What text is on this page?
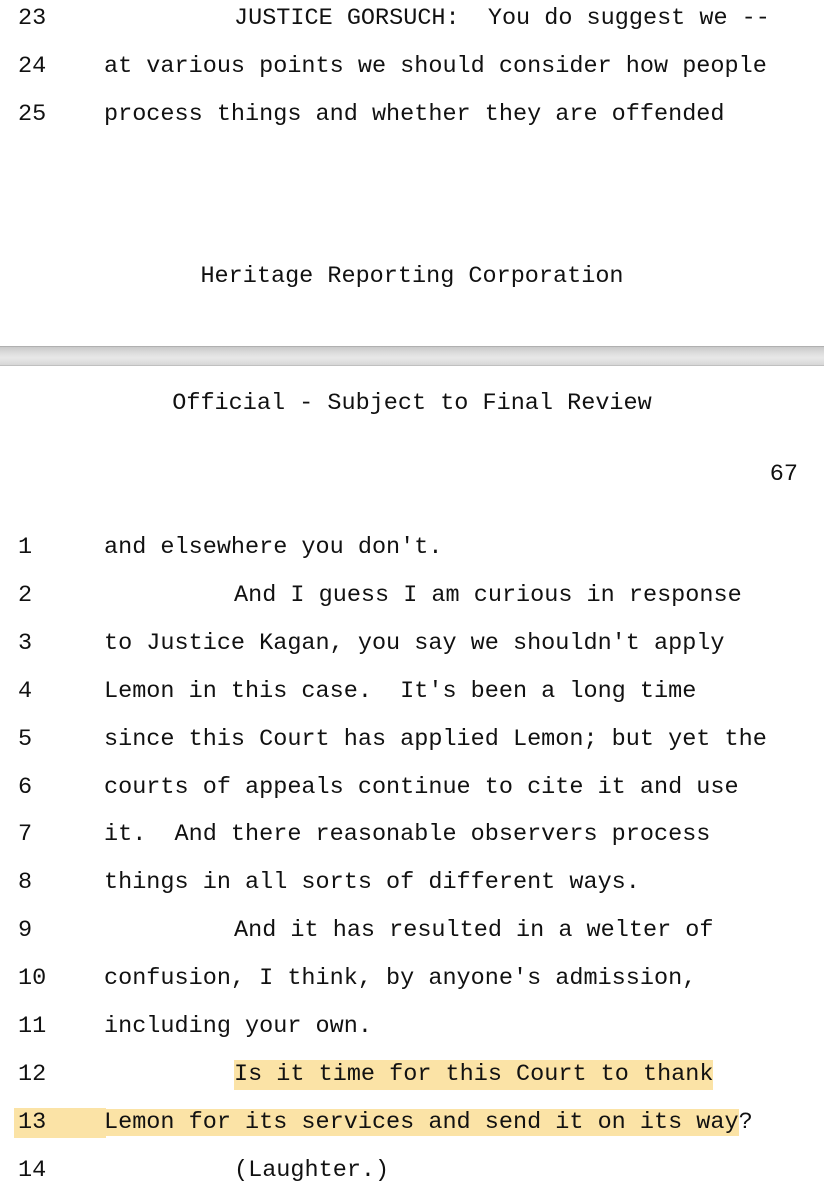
23	JUSTICE GORSUCH:  You do suggest we --
24	at various points we should consider how people
25	process things and whether they are offended
Heritage Reporting Corporation
Official - Subject to Final Review
67
1	and elsewhere you don't.
2	And I guess I am curious in response
3	to Justice Kagan, you say we shouldn't apply
4	Lemon in this case.  It's been a long time
5	since this Court has applied Lemon; but yet the
6	courts of appeals continue to cite it and use
7	it.  And there reasonable observers process
8	things in all sorts of different ways.
9	And it has resulted in a welter of
10	confusion, I think, by anyone's admission,
11	including your own.
12	Is it time for this Court to thank
13	Lemon for its services and send it on its way?
14	(Laughter.)
